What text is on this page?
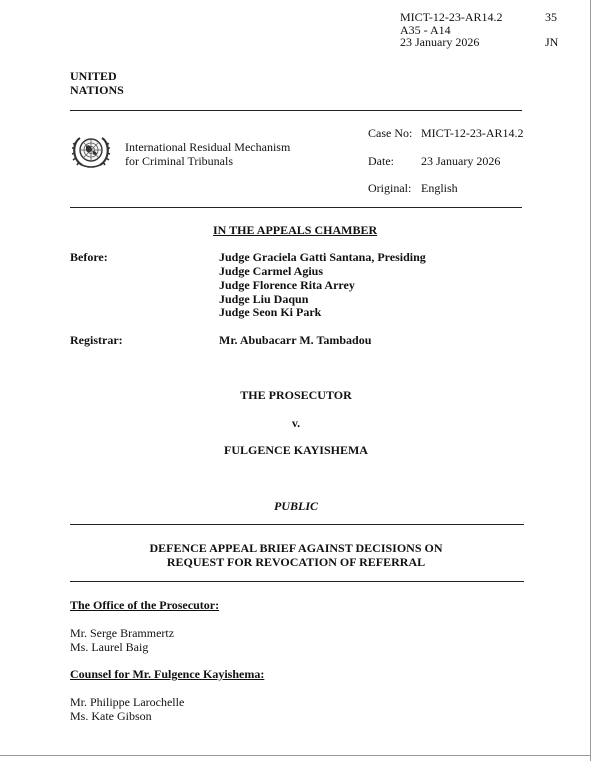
MICT-12-23-AR14.2
A35 - A14
23 January 2026
35
JN
UNITED
NATIONS
International Residual Mechanism
for Criminal Tribunals
Case No: MICT-12-23-AR14.2
Date: 23 January 2026
Original: English
IN THE APPEALS CHAMBER
Before:	Judge Graciela Gatti Santana, Presiding
Judge Carmel Agius
Judge Florence Rita Arrey
Judge Liu Daqun
Judge Seon Ki Park
Registrar:	Mr. Abubacarr M. Tambadou
THE PROSECUTOR
v.
FULGENCE KAYISHEMA
PUBLIC
DEFENCE APPEAL BRIEF AGAINST DECISIONS ON
REQUEST FOR REVOCATION OF REFERRAL
The Office of the Prosecutor:
Mr. Serge Brammertz
Ms. Laurel Baig
Counsel for Mr. Fulgence Kayishema:
Mr. Philippe Larochelle
Ms. Kate Gibson
